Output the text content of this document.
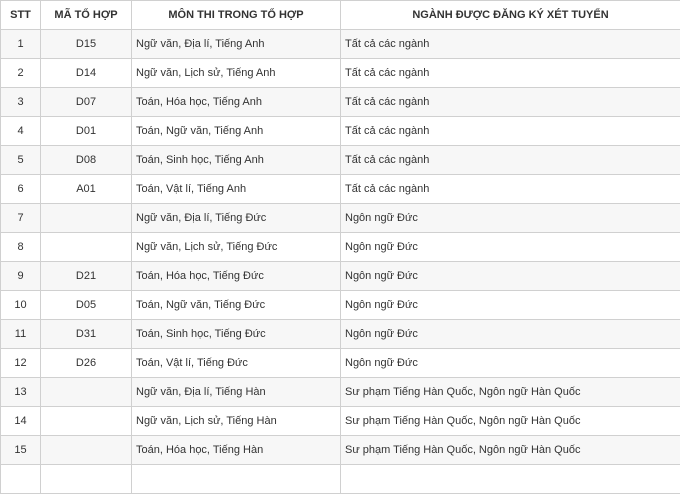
STT	MÃ TỔ HỢP	MÔN THI TRONG TỔ HỢP	NGÀNH ĐƯỢC ĐĂNG KÝ XÉT TUYỂN
1	D15	Ngữ văn, Địa lí, Tiếng Anh	Tất cả các ngành
2	D14	Ngữ văn, Lịch sử, Tiếng Anh	Tất cả các ngành
3	D07	Toán, Hóa học, Tiếng Anh	Tất cả các ngành
4	D01	Toán, Ngữ văn, Tiếng Anh	Tất cả các ngành
5	D08	Toán, Sinh học, Tiếng Anh	Tất cả các ngành
6	A01	Toán, Vật lí, Tiếng Anh	Tất cả các ngành
7		Ngữ văn, Địa lí, Tiếng Đức	Ngôn ngữ Đức
8		Ngữ văn, Lịch sử, Tiếng Đức	Ngôn ngữ Đức
9	D21	Toán, Hóa học, Tiếng Đức	Ngôn ngữ Đức
10	D05	Toán, Ngữ văn, Tiếng Đức	Ngôn ngữ Đức
11	D31	Toán, Sinh học, Tiếng Đức	Ngôn ngữ Đức
12	D26	Toán, Vật lí, Tiếng Đức	Ngôn ngữ Đức
13		Ngữ văn, Địa lí, Tiếng Hàn	Sư phạm Tiếng Hàn Quốc, Ngôn ngữ Hàn Quốc
14		Ngữ văn, Lịch sử, Tiếng Hàn	Sư phạm Tiếng Hàn Quốc, Ngôn ngữ Hàn Quốc
15		Toán, Hóa học, Tiếng Hàn	Sư phạm Tiếng Hàn Quốc, Ngôn ngữ Hàn Quốc
